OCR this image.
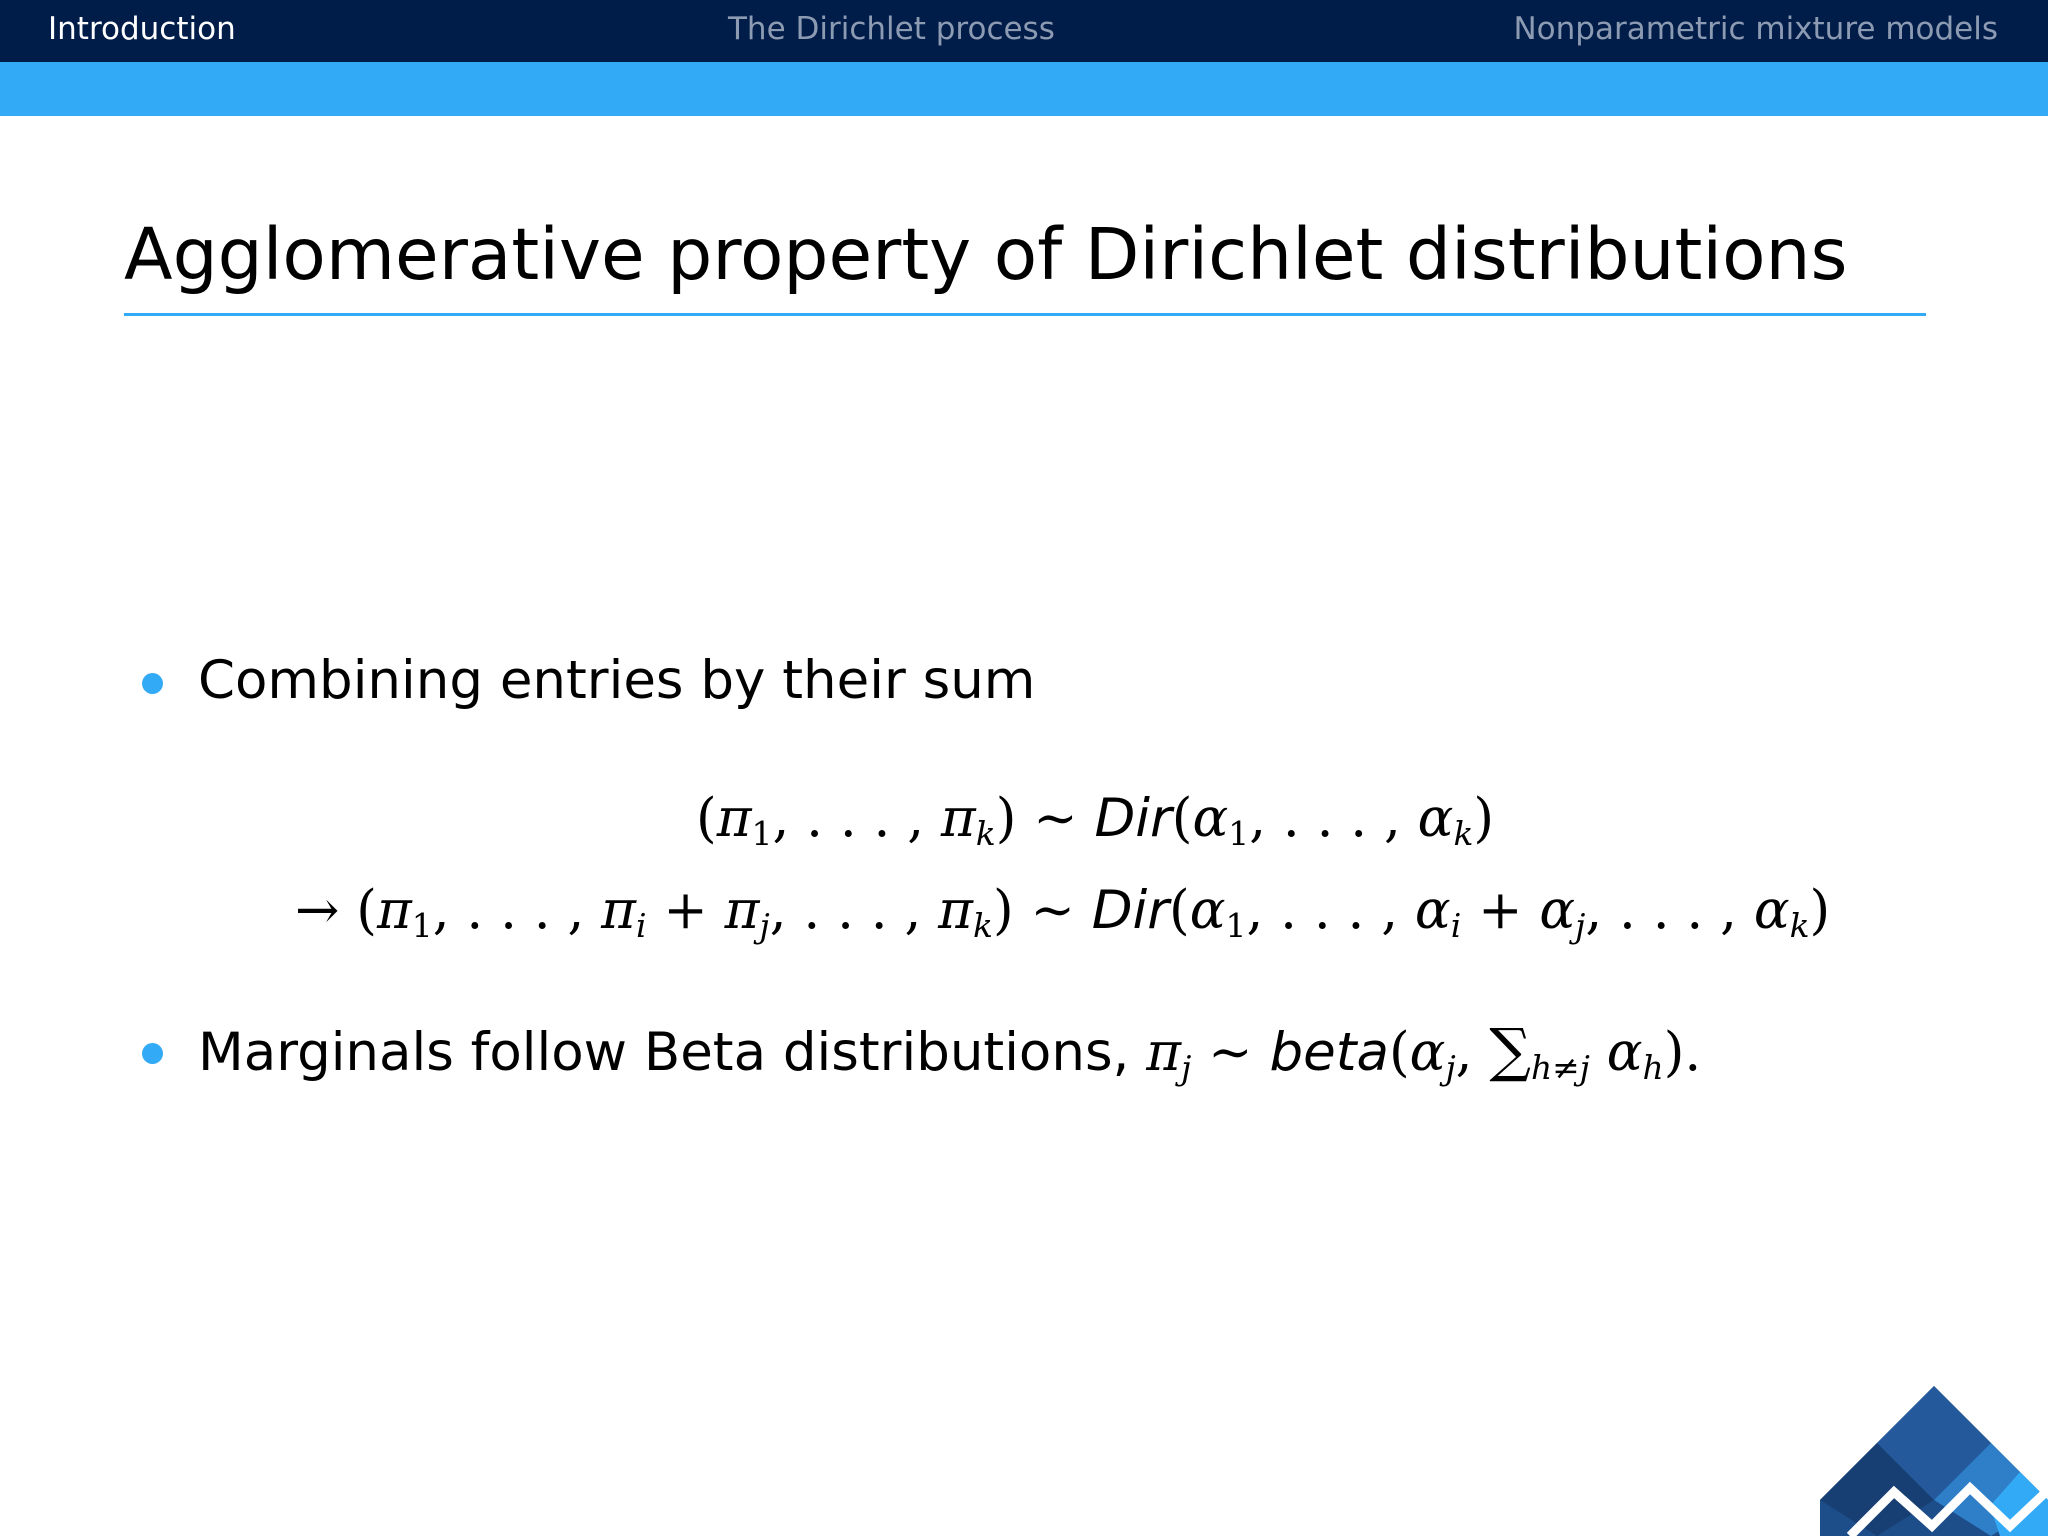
Introduction	The Dirichlet process	Nonparametric mixture models
Agglomerative property of Dirichlet distributions
Combining entries by their sum
($\pi_1$, . . . , $\pi_k$) ∼ $Dir(\alpha_1$, . . . , $\alpha_k$)
→ ($\pi_1$, . . . , $\pi_i + \pi_j$, . . . , $\pi_k$) ∼ $Dir(\alpha_1$, . . . , $\alpha_i + \alpha_j$, . . . , $\alpha_k$)
Marginals follow Beta distributions, $\pi_j$ ∼ $beta(\alpha_j$, $\sum_{h\ne j}$ $\alpha_h$).
